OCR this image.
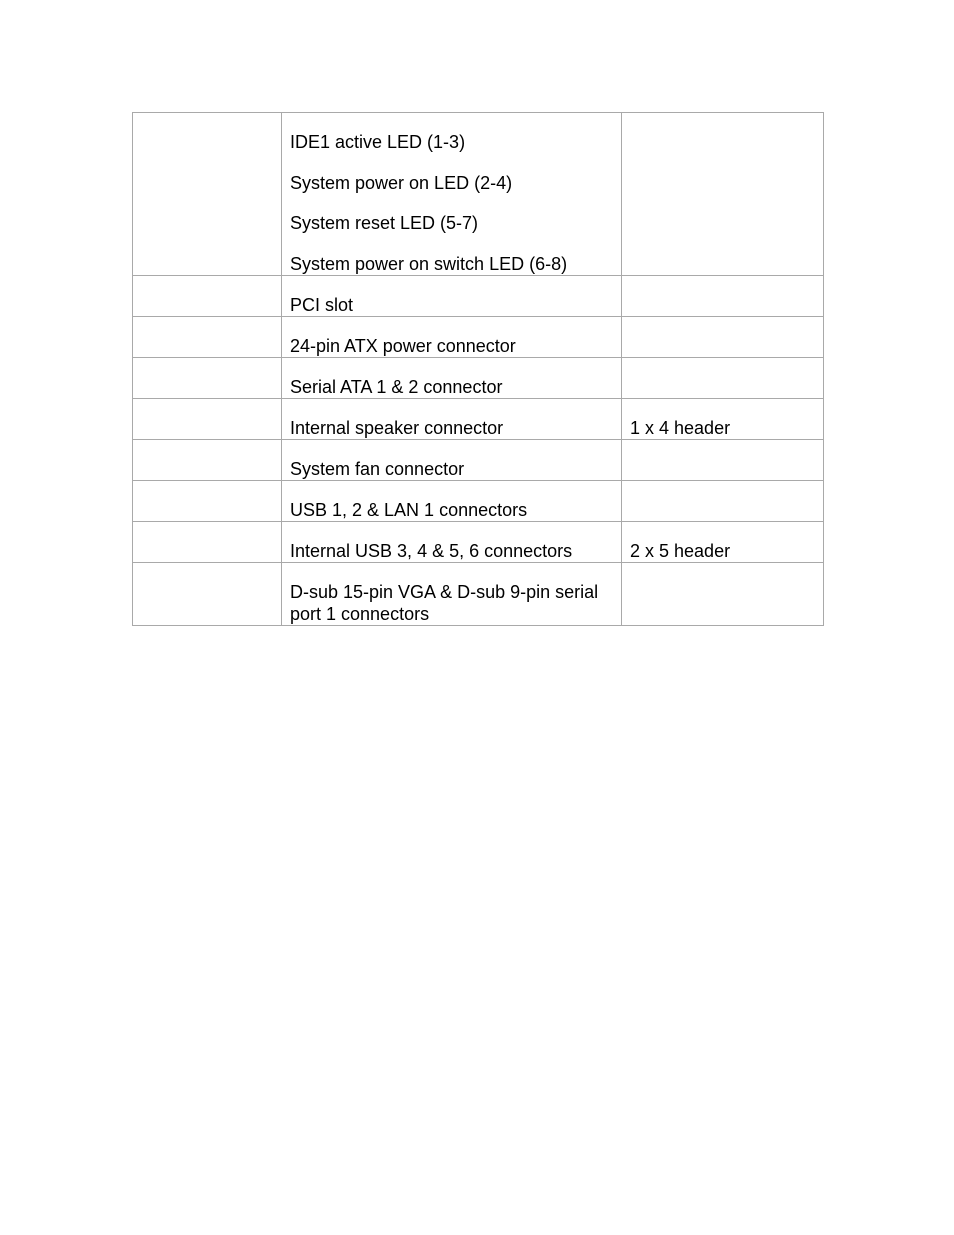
	IDE1 active LED (1-3)
System power on LED (2-4)
System reset LED (5-7)
System power on switch LED (6-8)	

	PCI slot	
	24-pin ATX power connector	
	Serial ATA 1 & 2 connector	
	Internal speaker connector	1 x 4 header
	System fan connector	
	USB 1, 2 & LAN 1 connectors	
	Internal USB 3, 4 & 5, 6 connectors	2 x 5 header
	D-sub 15-pin VGA & D-sub 9-pin serial port 1 connectors	
